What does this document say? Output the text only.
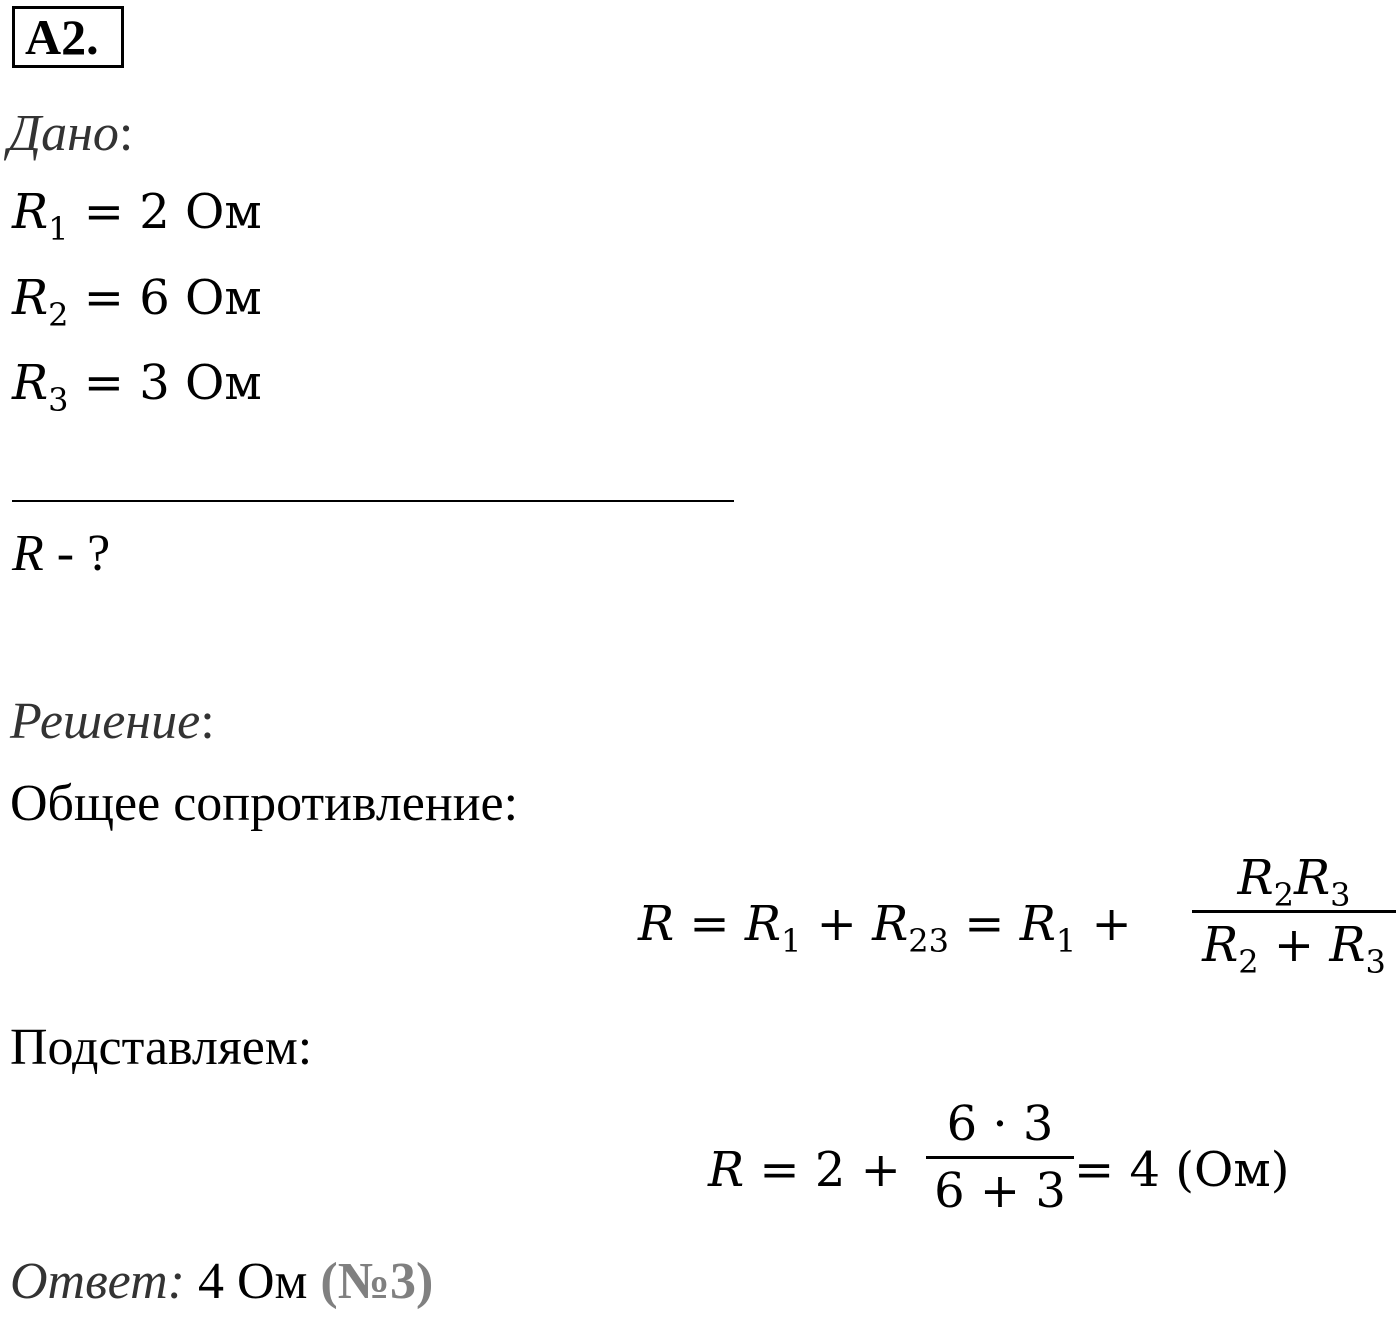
А2.
Дано:
$R_1 = 2$ Ом
$R_2 = 6$ Ом
$R_3 = 3$ Ом
R - ?
Решение:
Общее сопротивление:
$R = R_1 + R_{23} = R_1$ +
$R_2R_3$
$R_2 + R_3$
Подставляем:
R = 2 +
6 · 3
6 + 3 = 4 (Ом)
Ответ: 4 Ом (№3)
